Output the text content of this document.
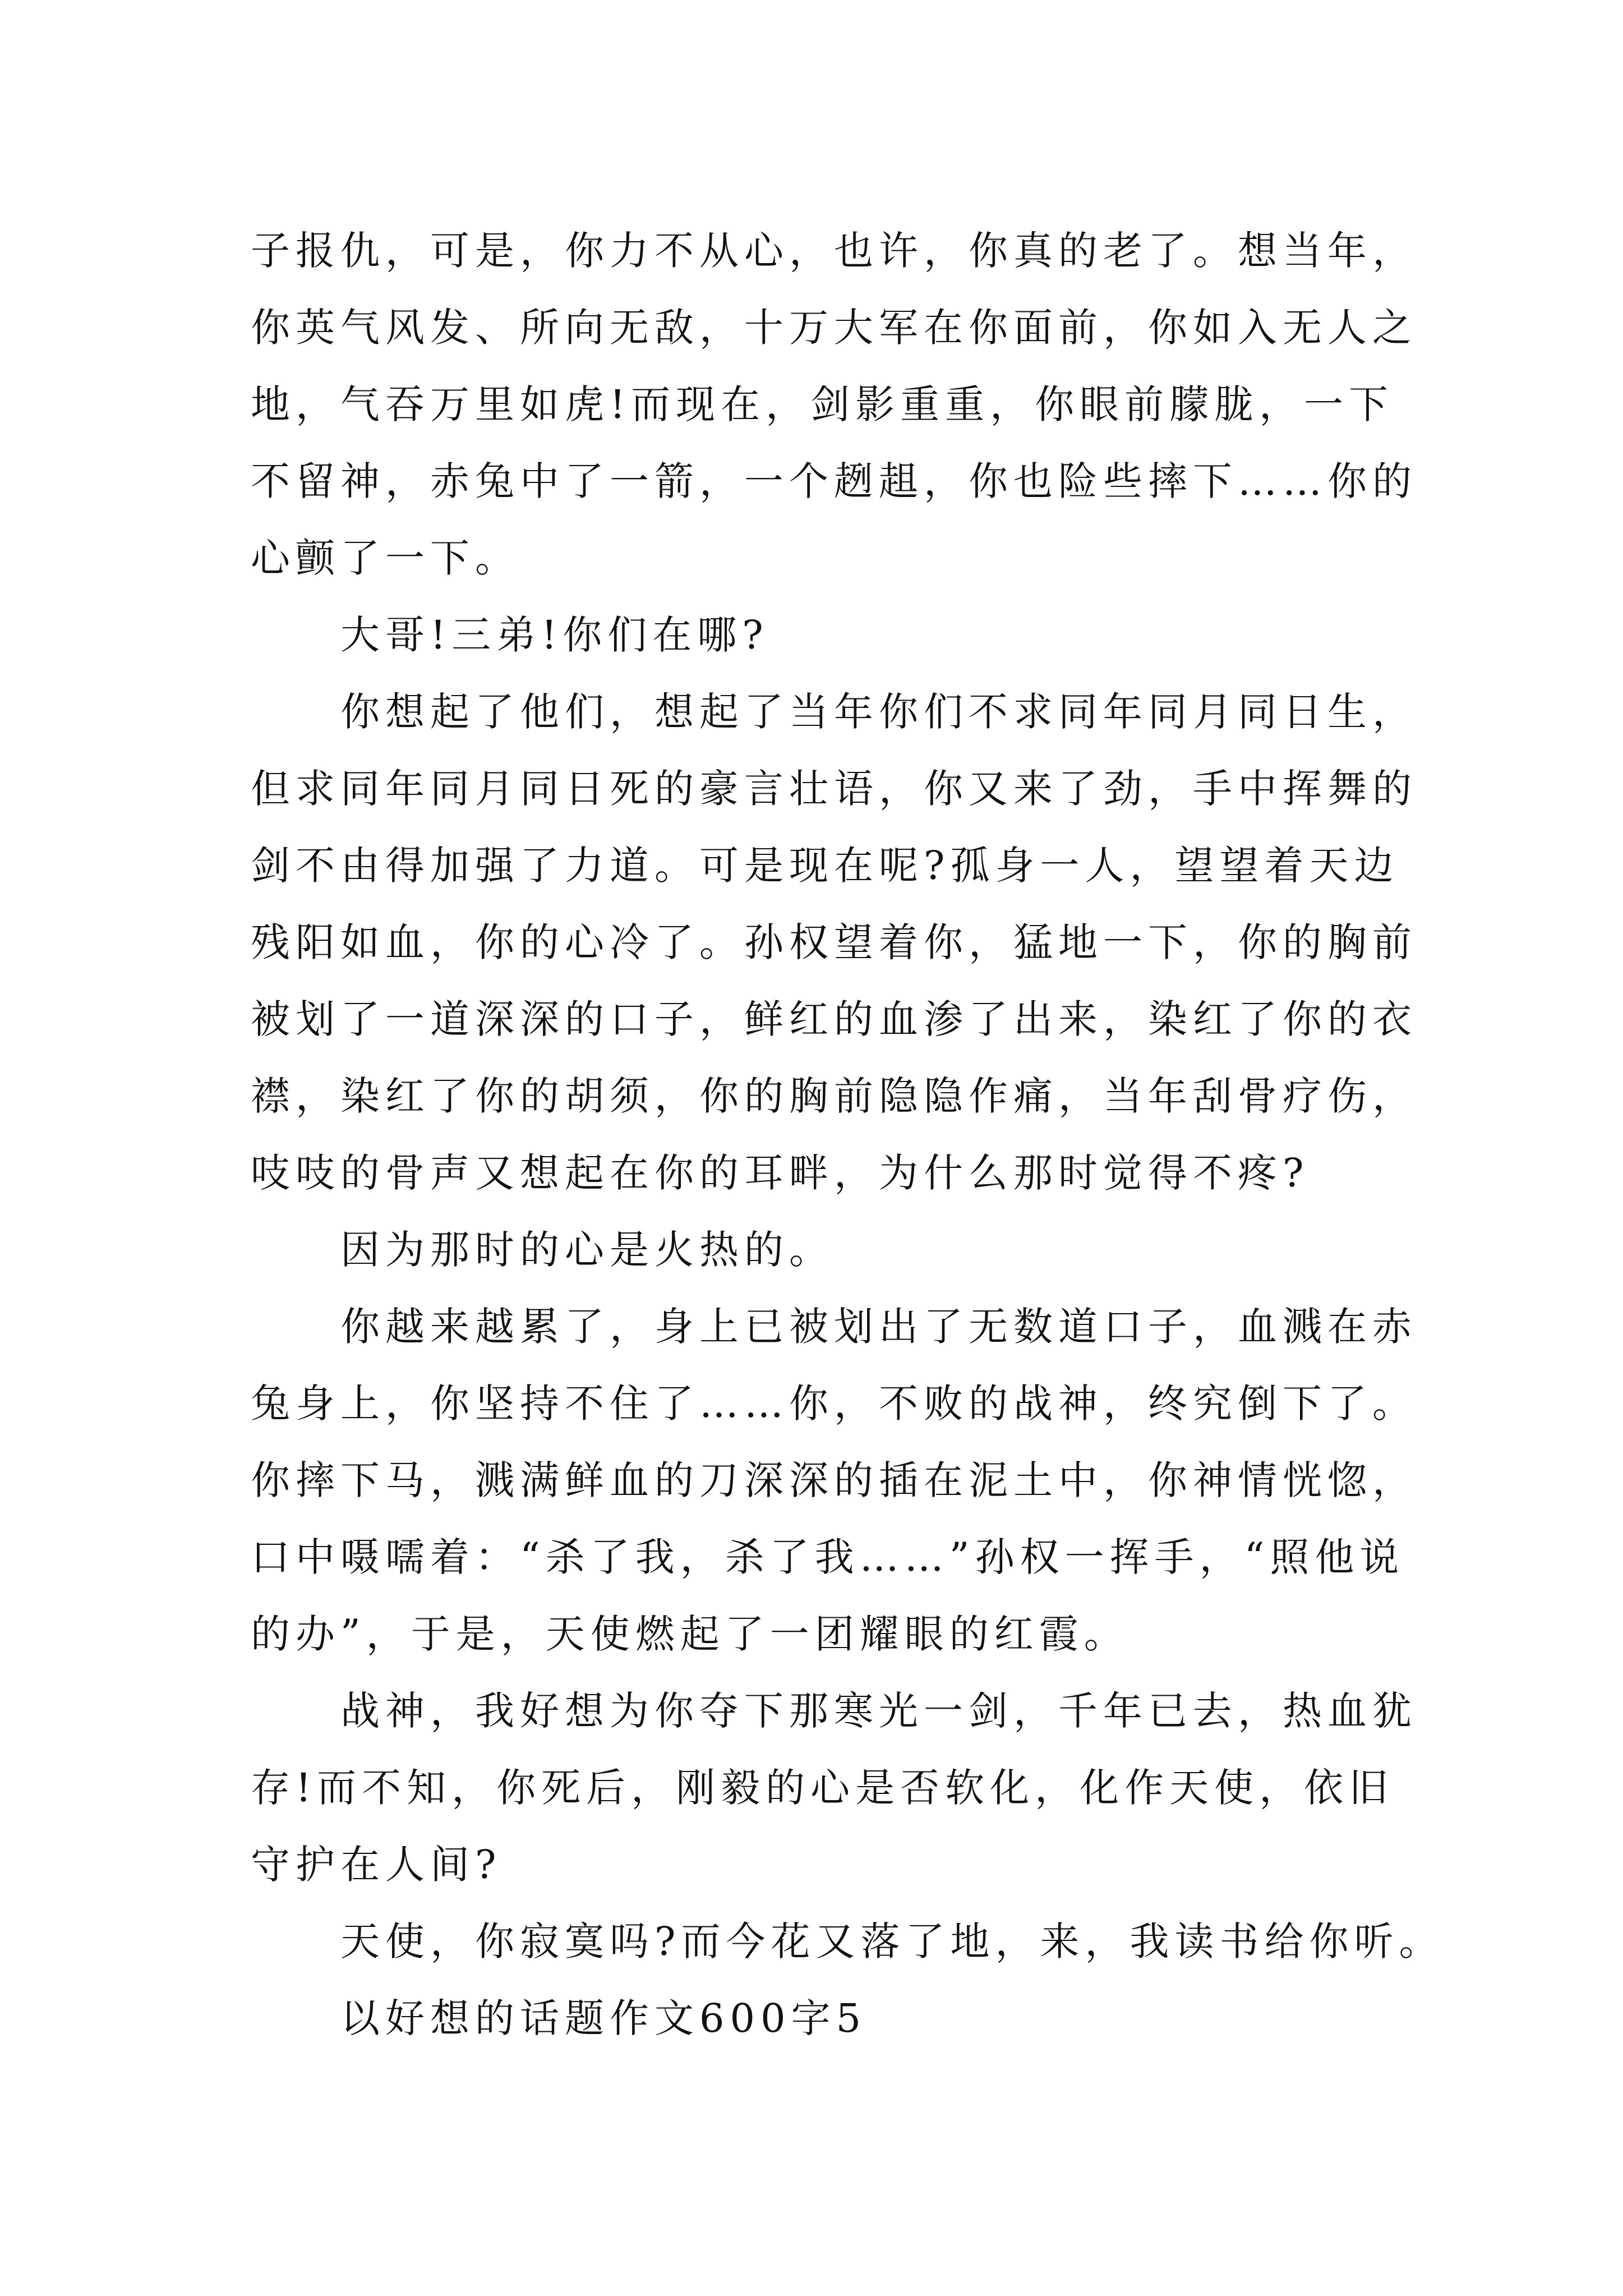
子报仇，可是，你力不从心，也许，你真的老了。想当年，
你英气风发、所向无敌，十万大军在你面前，你如入无人之
地，气吞万里如虎!而现在，剑影重重，你眼前朦胧，一下
不留神，赤兔中了一箭，一个趔趄，你也险些摔下……你的
心颤了一下。
大哥!三弟!你们在哪?
你想起了他们，想起了当年你们不求同年同月同日生，
但求同年同月同日死的豪言壮语，你又来了劲，手中挥舞的
剑不由得加强了力道。可是现在呢?孤身一人，望望着天边
残阳如血，你的心冷了。孙权望着你，猛地一下，你的胸前
被划了一道深深的口子，鲜红的血渗了出来，染红了你的衣
襟，染红了你的胡须，你的胸前隐隐作痛，当年刮骨疗伤，
吱吱的骨声又想起在你的耳畔，为什么那时觉得不疼?
因为那时的心是火热的。
你越来越累了，身上已被划出了无数道口子，血溅在赤
兔身上，你坚持不住了……你，不败的战神，终究倒下了。
你摔下马，溅满鲜血的刀深深的插在泥土中，你神情恍惚，
口中嗫嚅着：“杀了我，杀了我……”孙权一挥手，“照他说
的办”，于是，天使燃起了一团耀眼的红霞。
战神，我好想为你夺下那寒光一剑，千年已去，热血犹
存!而不知，你死后，刚毅的心是否软化，化作天使，依旧
守护在人间?
天使，你寂寞吗?而今花又落了地，来，我读书给你听。
以好想的话题作文600字5
